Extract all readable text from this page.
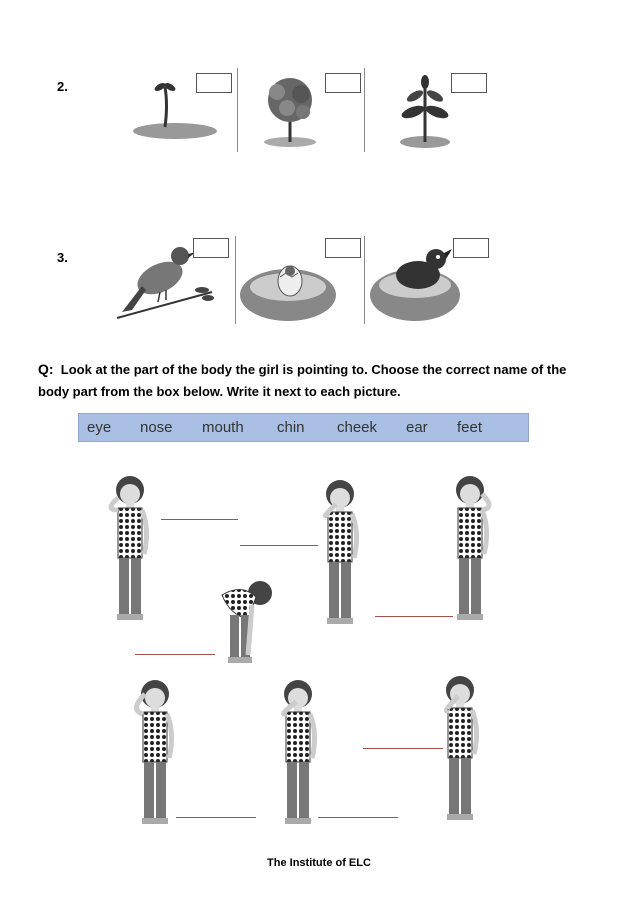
2.
3.
Q: Look at the part of the body the girl is pointing to. Choose the correct name of the body part from the box below. Write it next to each picture.
eye nose mouth chin cheek ear feet
The Institute of ELC
